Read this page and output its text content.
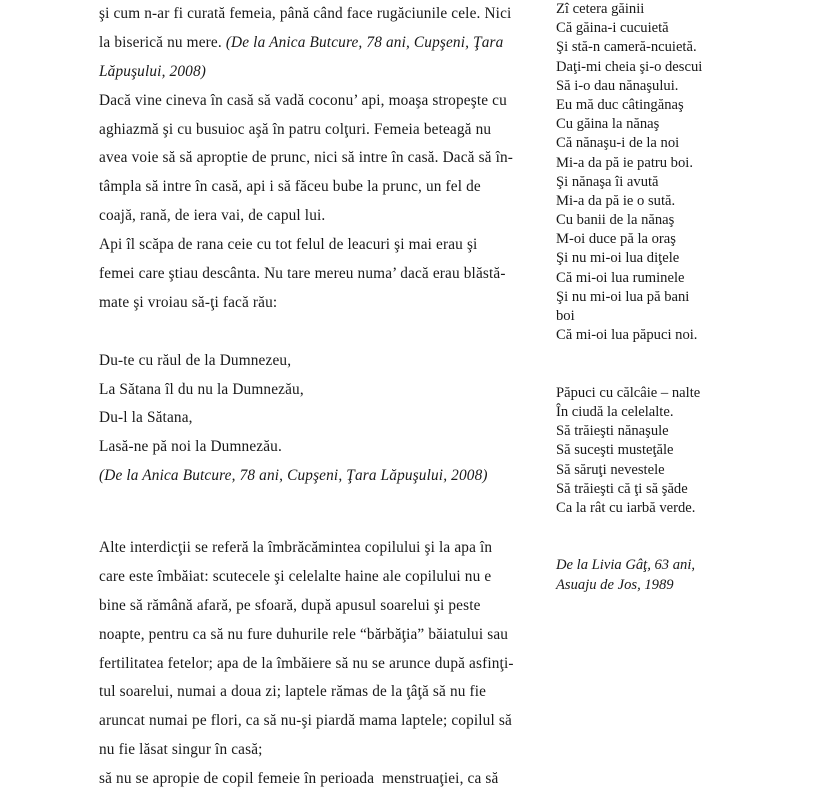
şi cum n-ar fi curată femeia, până când face rugăciunile cele. Nici
la biserică nu mere. (De la Anica Butcure, 78 ani, Cupşeni, Ţara
Lăpuşului, 2008)
Dacă vine cineva în casă să vadă coconu’ api, moaşa stropeşte cu
aghiazmă şi cu busuioc aşă în patru colţuri. Femeia beteagă nu
avea voie să să aproptie de prunc, nici să intre în casă. Dacă să în-
tâmpla să intre în casă, api i să făceu bube la prunc, un fel de
coajă, rană, de iera vai, de capul lui.
Api îl scăpa de rana ceie cu tot felul de leacuri şi mai erau şi
femei care ştiau descânta. Nu tare mereu numa’ dacă erau blăstă-
mate şi vroiau să-ţi facă rău:
Du-te cu răul de la Dumnezeu,
La Sătana îl du nu la Dumnezău,
Du-l la Sătana,
Lasă-ne pă noi la Dumnezău.
(De la Anica Butcure, 78 ani, Cupşeni, Ţara Lăpuşului, 2008)
Alte interdicţii se referă la îmbrăcămintea copilului şi la apa în
care este îmbăiat: scutecele şi celelalte haine ale copilului nu e
bine să rămână afară, pe sfoară, după apusul soarelui şi peste
noapte, pentru ca să nu fure duhurile rele “bărbăţia” băiatului sau
fertilitatea fetelor; apa de la îmbăiere să nu se arunce după asfinţi-
tul soarelui, numai a doua zi; laptele rămas de la ţâţă să nu fie
aruncat numai pe flori, ca să nu-şi piardă mama laptele; copilul să
nu fie lăsat singur în casă;
să nu se apropie de copil femeie în perioada  menstruaţiei, ca să
Zî cetera găinii
Că găina-i cucuietă
Şi stă-n cameră-ncuietă.
Daţi-mi cheia şi-o descui
Să i-o dau nănaşului.
Eu mă duc câtingănaş
Cu găina la nănaş
Că nănaşu-i de la noi
Mi-a da pă ie patru boi.
Şi nănaşa îi avută
Mi-a da pă ie o sută.
Cu banii de la nănaş
M-oi duce pă la oraş
Şi nu mi-oi lua diţele
Că mi-oi lua ruminele
Şi nu mi-oi lua pă bani
boi
Că mi-oi lua păpuci noi.
Păpuci cu călcâie – nalte
În ciudă la celelalte.
Să trăieşti nănaşule
Să suceşti musteţăle
Să săruţi nevestele
Să trăieşti că ţi să şăde
Ca la rât cu iarbă verde.
De la Livia Gâţ, 63 ani,
Asuaju de Jos, 1989
